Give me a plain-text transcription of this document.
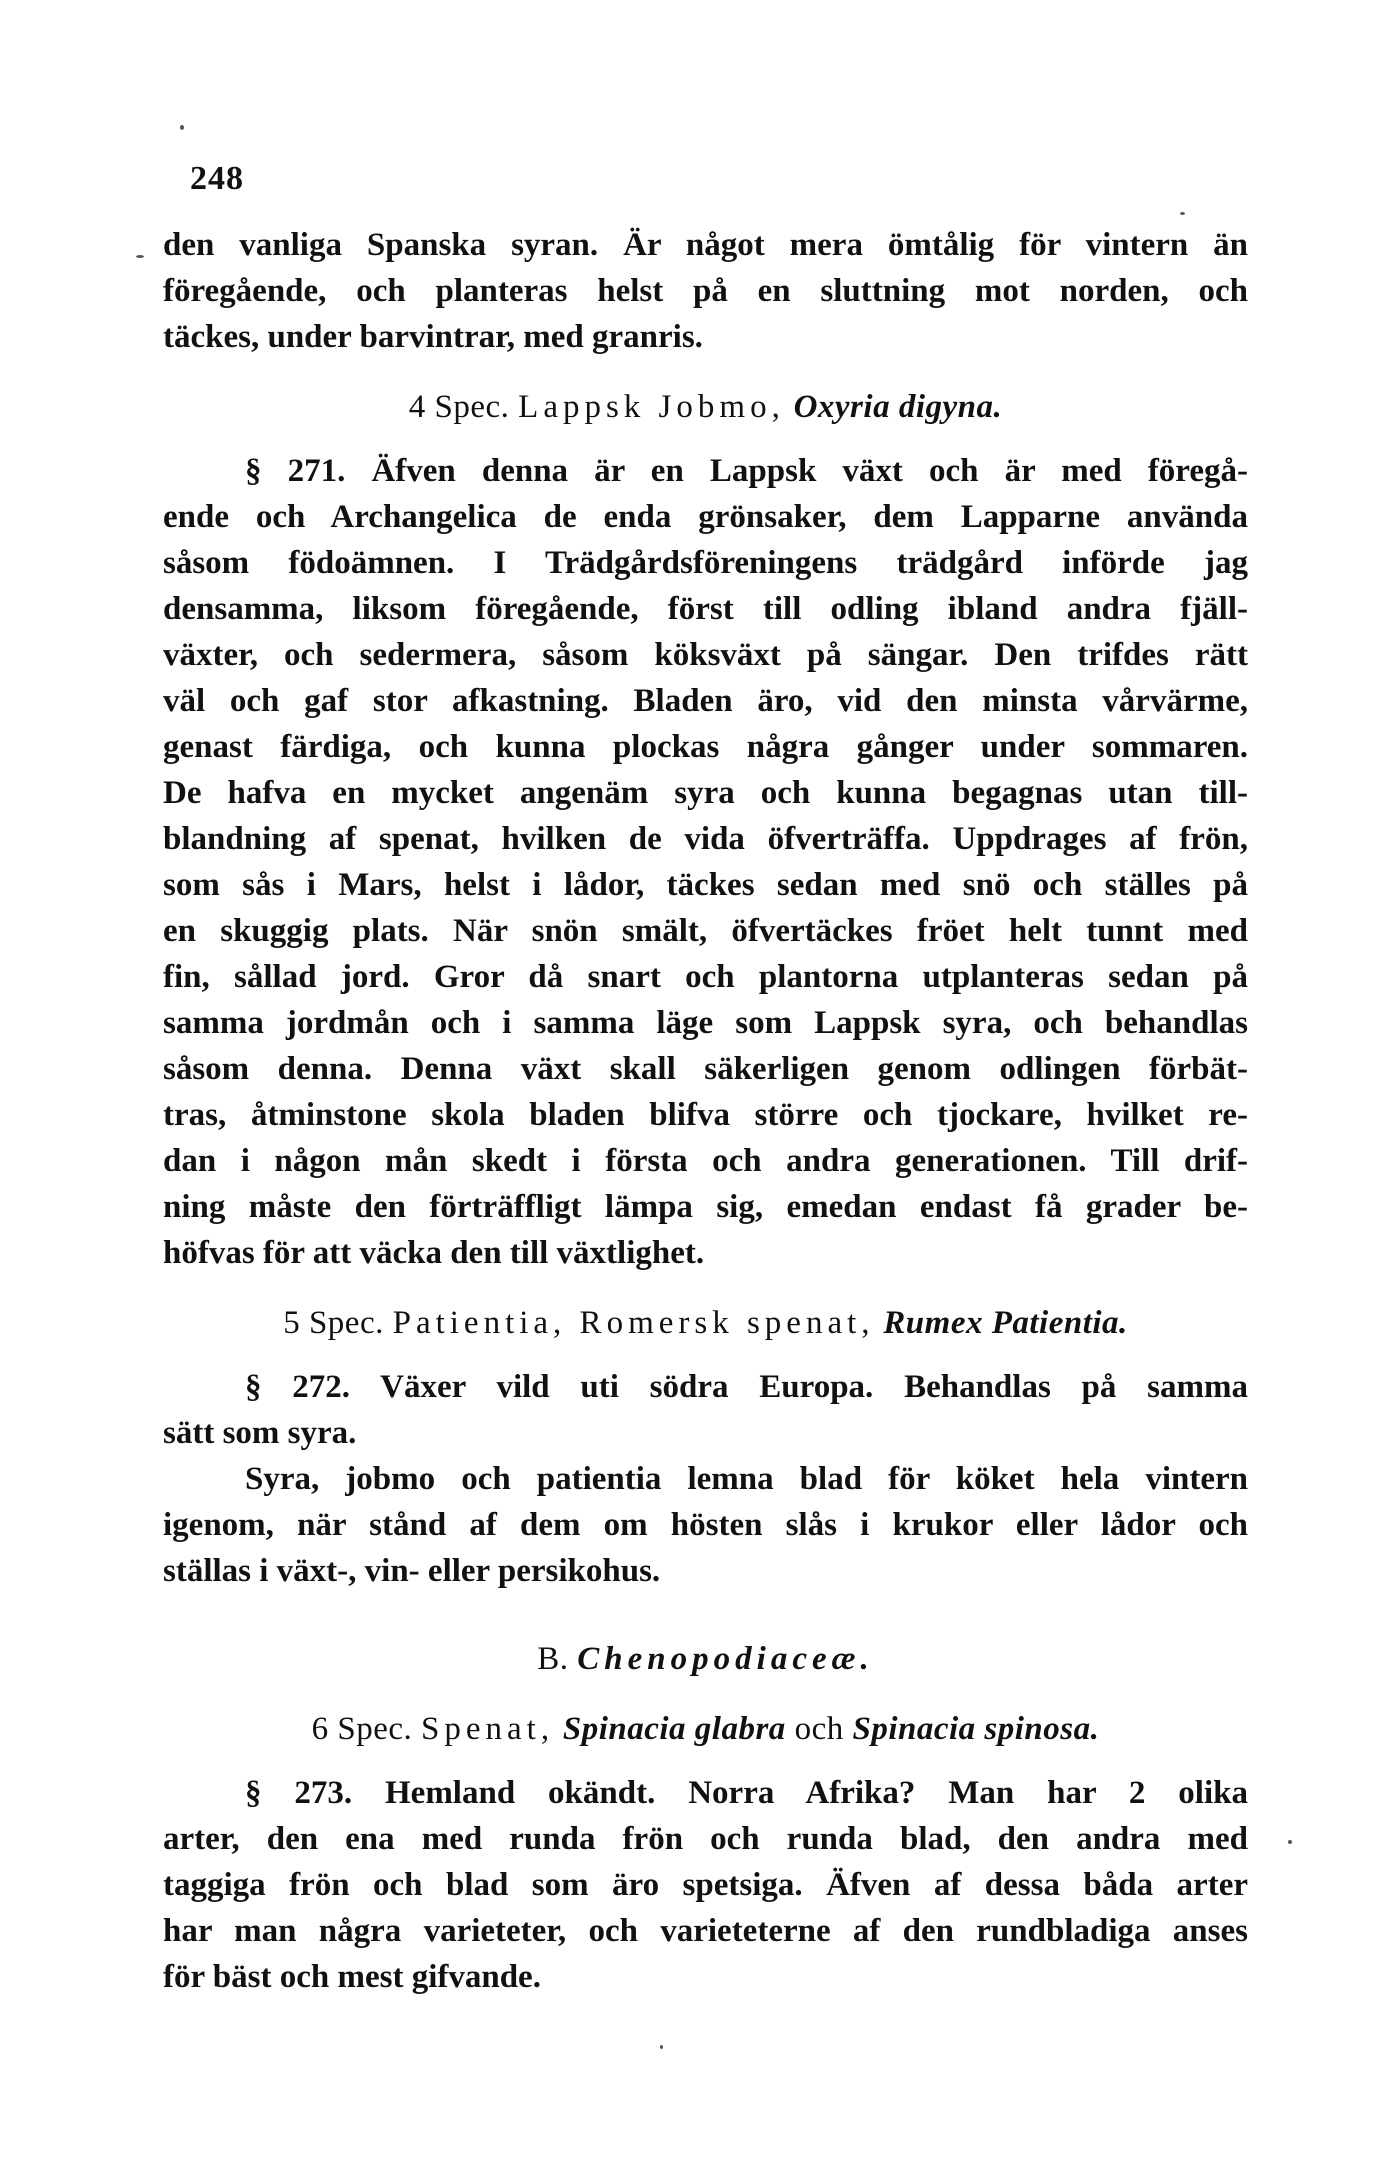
248
den vanliga Spanska syran. Är något mera ömtålig för vintern än
föregående, och planteras helst på en sluttning mot norden, och
täckes, under barvintrar, med granris.
4 Spec. Lappsk Jobmo, Oxyria digyna.
§ 271. Äfven denna är en Lappsk växt och är med föregå-
ende och Archangelica de enda grönsaker, dem Lapparne använda
såsom födoämnen. I Trädgårdsföreningens trädgård införde jag
densamma, liksom föregående, först till odling ibland andra fjäll-
växter, och sedermera, såsom köksväxt på sängar. Den trifdes rätt
väl och gaf stor afkastning. Bladen äro, vid den minsta vårvärme,
genast färdiga, och kunna plockas några gånger under sommaren.
De hafva en mycket angenäm syra och kunna begagnas utan till-
blandning af spenat, hvilken de vida öfverträffa. Uppdrages af frön,
som sås i Mars, helst i lådor, täckes sedan med snö och ställes på
en skuggig plats. När snön smält, öfvertäckes fröet helt tunnt med
fin, sållad jord. Gror då snart och plantorna utplanteras sedan på
samma jordmån och i samma läge som Lappsk syra, och behandlas
såsom denna. Denna växt skall säkerligen genom odlingen förbät-
tras, åtminstone skola bladen blifva större och tjockare, hvilket re-
dan i någon mån skedt i första och andra generationen. Till drif-
ning måste den förträffligt lämpa sig, emedan endast få grader be-
höfvas för att väcka den till växtlighet.
5 Spec. Patientia, Romersk spenat, Rumex Patientia.
§ 272. Växer vild uti södra Europa. Behandlas på samma
sätt som syra.
Syra, jobmo och patientia lemna blad för köket hela vintern
igenom, när stånd af dem om hösten slås i krukor eller lådor och
ställas i växt-, vin- eller persikohus.
B. Chenopodiaceæ.
6 Spec. Spenat, Spinacia glabra och Spinacia spinosa.
§ 273. Hemland okändt. Norra Afrika? Man har 2 olika
arter, den ena med runda frön och runda blad, den andra med
taggiga frön och blad som äro spetsiga. Äfven af dessa båda arter
har man några varieteter, och varieteterne af den rundbladiga anses
för bäst och mest gifvande.
